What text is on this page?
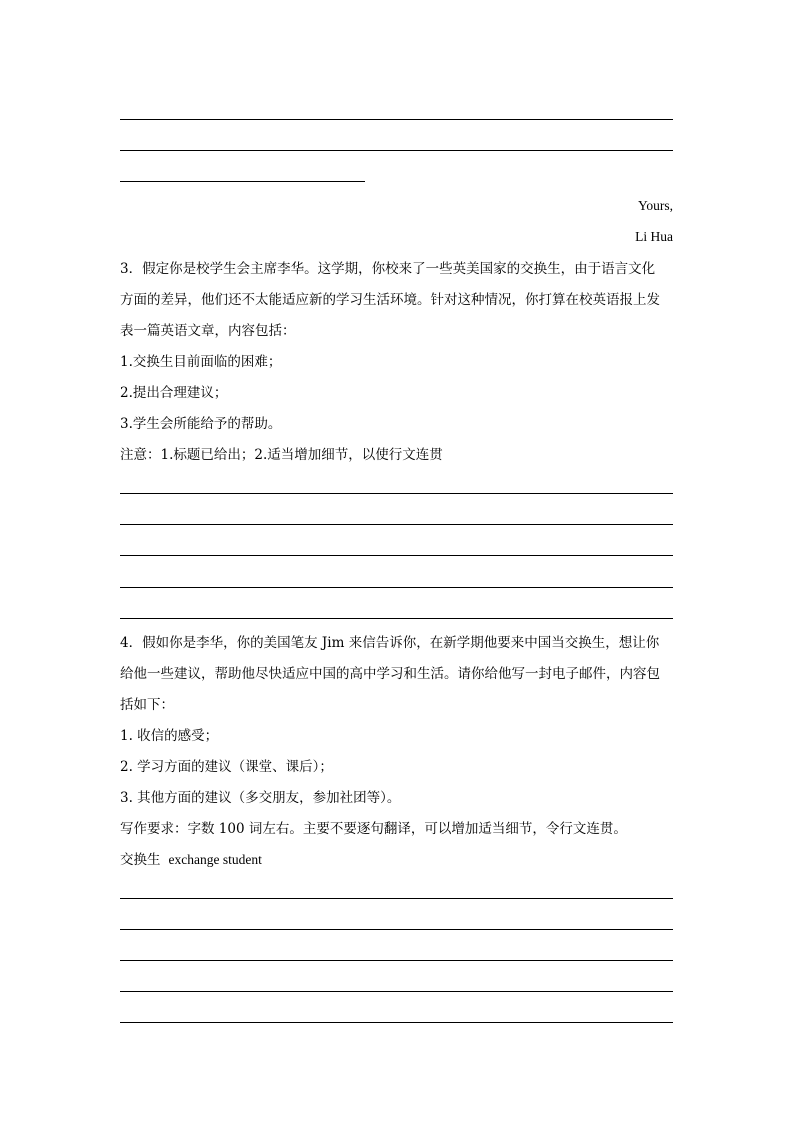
Yours,
Li Hua
3．假定你是校学生会主席李华。这学期，你校来了一些英美国家的交换生，由于语言文化
方面的差异，他们还不太能适应新的学习生活环境。针对这种情况，你打算在校英语报上发
表一篇英语文章，内容包括：
1.交换生目前面临的困难；
2.提出合理建议；
3.学生会所能给予的帮助。
注意：1.标题已给出；2.适当增加细节，以使行文连贯
4．假如你是李华，你的美国笔友 Jim 来信告诉你，在新学期他要来中国当交换生，想让你
给他一些建议，帮助他尽快适应中国的高中学习和生活。请你给他写一封电子邮件，内容包
括如下：
1. 收信的感受；
2. 学习方面的建议（课堂、课后）；
3. 其他方面的建议（多交朋友，参加社团等）。
写作要求：字数 100 词左右。主要不要逐句翻译，可以增加适当细节，令行文连贯。
交换生 exchange student
